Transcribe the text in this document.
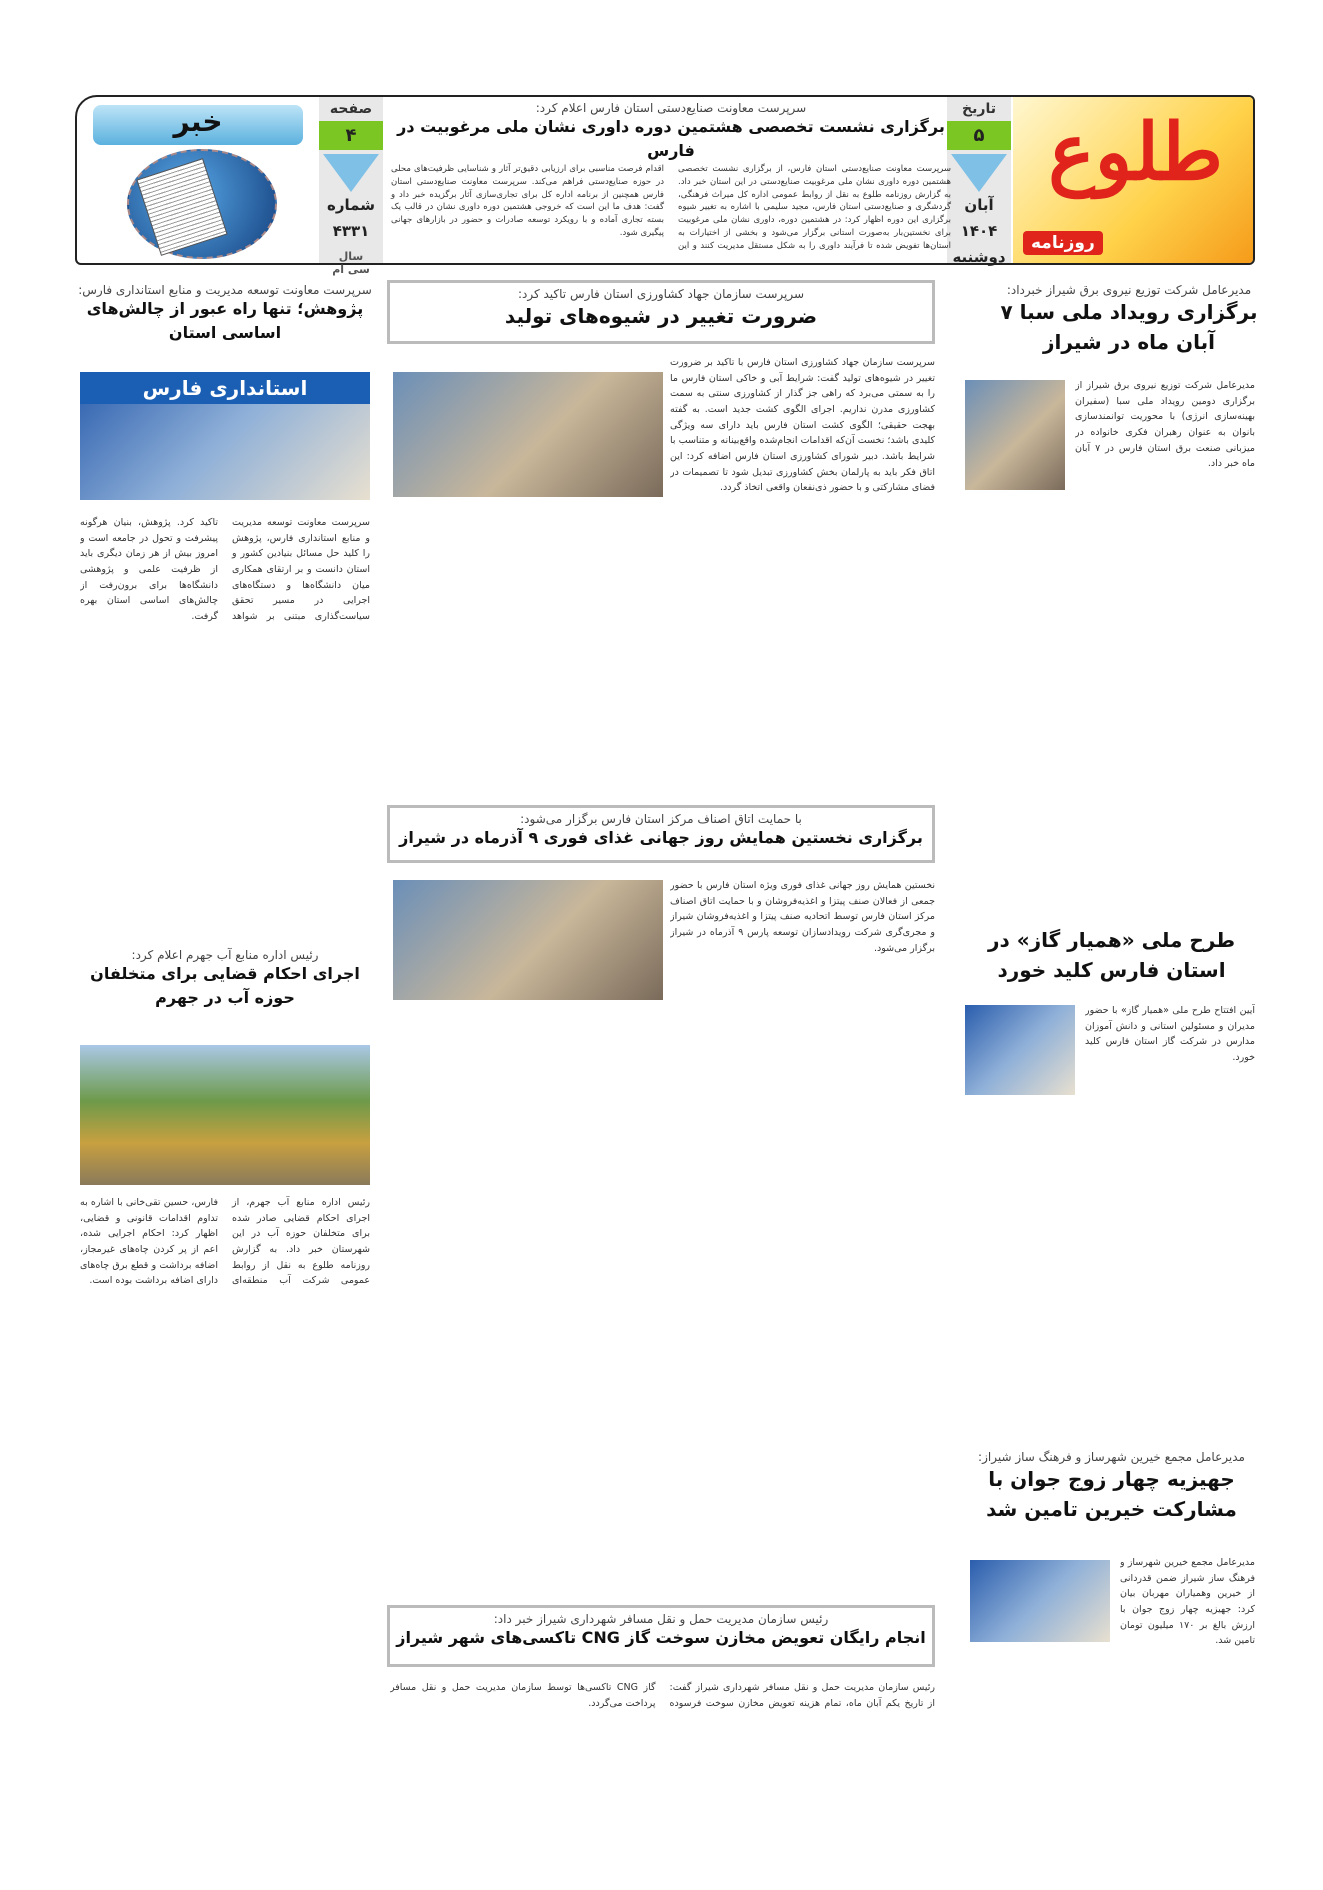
طلوع
روزنامه
تاریخ
۵
آبان
۱۴۰۴
دوشنبه
سرپرست معاونت صنایع‌دستی استان فارس اعلام کرد:
برگزاری نشست تخصصی هشتمین دوره داوری نشان ملی مرغوبیت در فارس
سرپرست معاونت صنایع‌دستی استان فارس، از برگزاری نشست تخصصی هشتمین دوره داوری نشان ملی مرغوبیت صنایع‌دستی در این استان خبر داد. به گزارش روزنامه طلوع به نقل از روابط عمومی اداره کل میراث فرهنگی، گردشگری و صنایع‌دستی استان فارس، مجید سلیمی با اشاره به تغییر شیوه برگزاری این دوره اظهار کرد: در هشتمین دوره، داوری نشان ملی مرغوبیت برای نخستین‌بار به‌صورت استانی برگزار می‌شود و بخشی از اختیارات به استان‌ها تفویض شده تا فرآیند داوری را به شکل مستقل مدیریت کنند و این اقدام فرصت مناسبی برای ارزیابی دقیق‌تر آثار و شناسایی ظرفیت‌های محلی در حوزه صنایع‌دستی فراهم می‌کند. سرپرست معاونت صنایع‌دستی استان فارس همچنین از برنامه اداره کل برای تجاری‌سازی آثار برگزیده خبر داد و گفت: هدف ما این است که خروجی هشتمین دوره داوری نشان در قالب یک بسته تجاری آماده و با رویکرد توسعه صادرات و حضور در بازارهای جهانی پیگیری شود.
صفحه
۴
شماره
۴۳۳۱
سال
سی ام
خبر
مدیرعامل شرکت توزیع نیروی برق شیراز خبرداد:
برگزاری رویداد ملی سبا ۷ آبان ماه در شیراز
مدیرعامل شرکت توزیع نیروی برق شیراز از برگزاری دومین رویداد ملی سبا (سفیران بهینه‌سازی انرژی) با محوریت توانمندسازی بانوان به عنوان رهبران فکری خانواده در میزبانی صنعت برق استان فارس در ۷ آبان ماه خبر داد.
طرح ملی «همیار گاز» در استان فارس کلید خورد
آیین افتتاح طرح ملی «همیار گاز» با حضور مدیران و مسئولین استانی و دانش آموزان مدارس در شرکت گاز استان فارس کلید خورد.
مدیرعامل مجمع خیرین شهرساز و فرهنگ ساز شیراز:
جهیزیه چهار زوج جوان با مشارکت خیرین تامین شد
مدیرعامل مجمع خیرین شهرساز و فرهنگ ساز شیراز ضمن قدردانی از خیرین وهمیاران مهربان بیان کرد: جهیزیه چهار زوج جوان با ارزش بالغ بر ۱۷۰ میلیون تومان تامین شد.
سرپرست سازمان جهاد کشاورزی استان فارس تاکید کرد:
ضرورت تغییر در شیوه‌های تولید
سرپرست سازمان جهاد کشاورزی استان فارس با تاکید بر ضرورت تغییر در شیوه‌های تولید گفت: شرایط آبی و خاکی استان فارس ما را به سمتی می‌برد که راهی جز گذار از کشاورزی سنتی به سمت کشاورزی مدرن نداریم. اجرای الگوی کشت جدید است. به گفته بهجت حقیقی؛ الگوی کشت استان فارس باید دارای سه ویژگی کلیدی باشد؛ نخست آن‌که اقدامات انجام‌شده واقع‌بینانه و متناسب با شرایط باشد. دبیر شورای کشاورزی استان فارس اضافه کرد: این اتاق فکر باید به پارلمان بخش کشاورزی تبدیل شود تا تصمیمات در فضای مشارکتی و با حضور ذی‌نفعان واقعی اتخاذ گردد.
با حمایت اتاق اصناف مرکز استان فارس برگزار می‌شود:
برگزاری نخستین همایش روز جهانی غذای فوری ۹ آذرماه در شیراز
نخستین همایش روز جهانی غذای فوری ویژه استان فارس با حضور جمعی از فعالان صنف پیتزا و اغذیه‌فروشان و با حمایت اتاق اصناف مرکز استان فارس توسط اتحادیه صنف پیتزا و اغذیه‌فروشان شیراز و مجری‌گری شرکت رویدادسازان توسعه پارس ۹ آذرماه در شیراز برگزار می‌شود.
رئیس سازمان مدیریت حمل و نقل مسافر شهرداری شیراز خبر داد:
انجام رایگان تعویض مخازن سوخت گاز CNG تاکسی‌های شهر شیراز
رئیس سازمان مدیریت حمل و نقل مسافر شهرداری شیراز گفت: از تاریخ یکم آبان ماه، تمام هزینه تعویض مخازن سوخت فرسوده گاز CNG تاکسی‌ها توسط سازمان مدیریت حمل و نقل مسافر پرداخت می‌گردد.
سرپرست معاونت توسعه مدیریت و منابع استانداری فارس:
پژوهش؛ تنها راه عبور از چالش‌های اساسی استان
استانداری فارس
سرپرست معاونت توسعه مدیریت و منابع استانداری فارس، پژوهش را کلید حل مسائل بنیادین کشور و استان دانست و بر ارتقای همکاری میان دانشگاه‌ها و دستگاه‌های اجرایی در مسیر تحقق سیاست‌گذاری مبتنی بر شواهد تاکید کرد. پژوهش، بنیان هرگونه پیشرفت و تحول در جامعه است و امروز بیش از هر زمان دیگری باید از ظرفیت علمی و پژوهشی دانشگاه‌ها برای برون‌رفت از چالش‌های اساسی استان بهره گرفت.
رئیس اداره منابع آب جهرم اعلام کرد:
اجرای احکام قضایی برای متخلفان حوزه آب در جهرم
رئیس اداره منابع آب جهرم، از اجرای احکام قضایی صادر شده برای متخلفان حوزه آب در این شهرستان خبر داد. به گزارش روزنامه طلوع به نقل از روابط عمومی شرکت آب منطقه‌ای فارس، حسین تقی‌خانی با اشاره به تداوم اقدامات قانونی و قضایی، اظهار کرد: احکام اجرایی شده، اعم از پر کردن چاه‌های غیرمجاز، اضافه برداشت و قطع برق چاه‌های دارای اضافه برداشت بوده است.
